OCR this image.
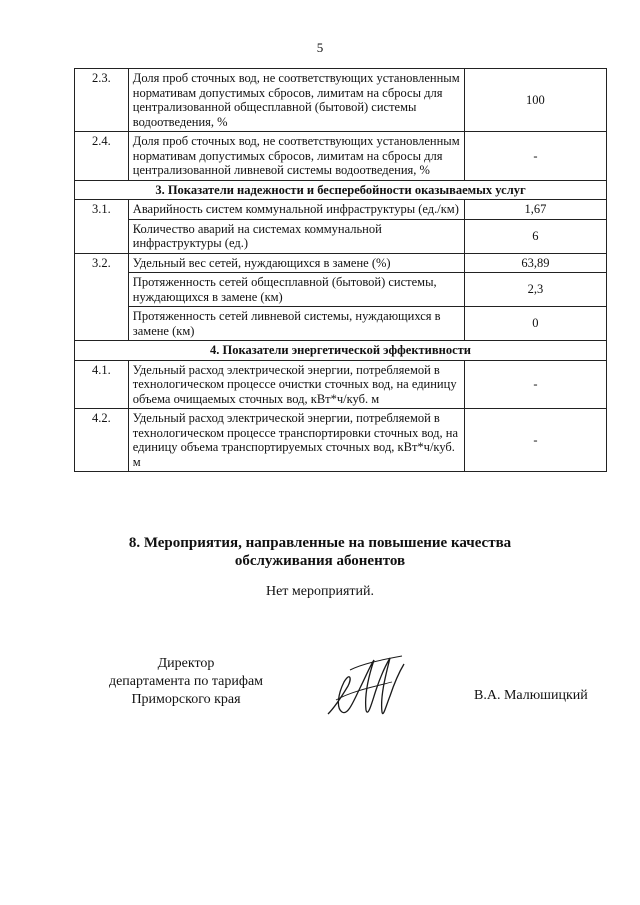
5
2.3.	Доля проб сточных вод, не соответствующих установленным нормативам допустимых сбросов, лимитам на сбросы для централизованной общесплавной (бытовой) системы водоотведения, %	100
2.4.	Доля проб сточных вод, не соответствующих установленным нормативам допустимых сбросов, лимитам на сбросы для централизованной ливневой системы водоотведения, %	-
3. Показатели надежности и бесперебойности оказываемых услуг		
3.1.	Аварийность систем коммунальной инфраструктуры (ед./км)	1,67
	Количество аварий на системах коммунальной инфраструктуры (ед.)	6
3.2.	Удельный вес сетей, нуждающихся в замене (%)	63,89
	Протяженность сетей общесплавной (бытовой) системы, нуждающихся в замене (км)	2,3
	Протяженность сетей ливневой системы, нуждающихся в замене (км)	0
4. Показатели энергетической эффективности		
4.1.	Удельный расход электрической энергии, потребляемой в технологическом процессе очистки сточных вод, на единицу объема очищаемых сточных вод, кВт*ч/куб. м	-
4.2.	Удельный расход электрической энергии, потребляемой в технологическом процессе транспортировки сточных вод, на единицу объема транспортируемых сточных вод, кВт*ч/куб. м	-
8. Мероприятия, направленные на повышение качества
обслуживания абонентов
Нет мероприятий.
Директор
департамента по тарифам
Приморского края	В.А. Малюшицкий
